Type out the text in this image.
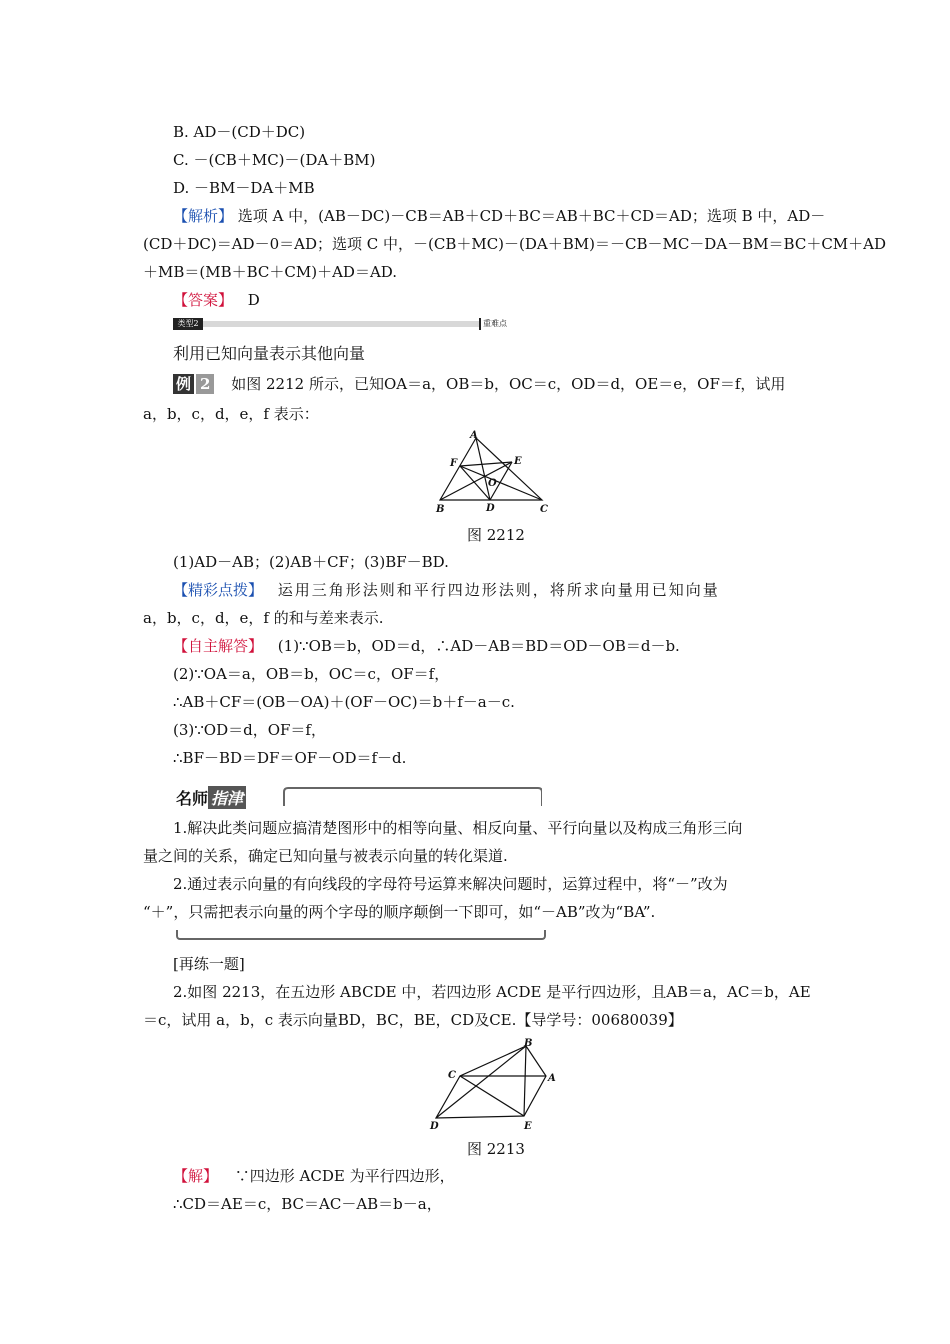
B. AD－(CD＋DC)
C. －(CB＋MC)－(DA＋BM)
D. －BM－DA＋MB
【解析】 选项 A 中，(AB－DC)－CB＝AB＋CD＋BC＝AB＋BC＋CD＝AD；选项 B 中，AD－
(CD＋DC)＝AD－0＝AD；选项 C 中，－(CB＋MC)－(DA＋BM)＝－CB－MC－DA－BM＝BC＋CM＋AD
＋MB＝(MB＋BC＋CM)＋AD＝AD.
【答案】 D
类型2	重难点
利用已知向量表示其他向量
例 2 如图 2212 所示，已知OA＝a，OB＝b，OC＝c，OD＝d，OE＝e，OF＝f，试用
a，b，c，d，e，f 表示：
A
B	C
D
E
F
O
图 2212
(1)AD－AB；(2)AB＋CF；(3)BF－BD.
【精彩点拨】 运用三角形法则和平行四边形法则，将所求向量用已知向量
a，b，c，d，e，f 的和与差来表示.
【自主解答】 (1)∵OB＝b，OD＝d，∴AD－AB＝BD＝OD－OB＝d－b.
(2)∵OA＝a，OB＝b，OC＝c，OF＝f，
∴AB＋CF＝(OB－OA)＋(OF－OC)＝b＋f－a－c.
(3)∵OD＝d，OF＝f，
∴BF－BD＝DF＝OF－OD＝f－d.
名师 指津
1.解决此类问题应搞清楚图形中的相等向量、相反向量、平行向量以及构成三角形三向
量之间的关系，确定已知向量与被表示向量的转化渠道.
2.通过表示向量的有向线段的字母符号运算来解决问题时，运算过程中，将“－”改为
“＋”，只需把表示向量的两个字母的顺序颠倒一下即可，如“－AB”改为“BA”.
[再练一题]
2.如图 2213，在五边形 ABCDE 中，若四边形 ACDE 是平行四边形，且AB＝a，AC＝b，AE
＝c，试用 a，b，c 表示向量BD，BC，BE，CD及CE.【导学号：00680039】
B
A
C
D	E
图 2213
【解】 ∵四边形 ACDE 为平行四边形，
∴CD＝AE＝c，BC＝AC－AB＝b－a，
